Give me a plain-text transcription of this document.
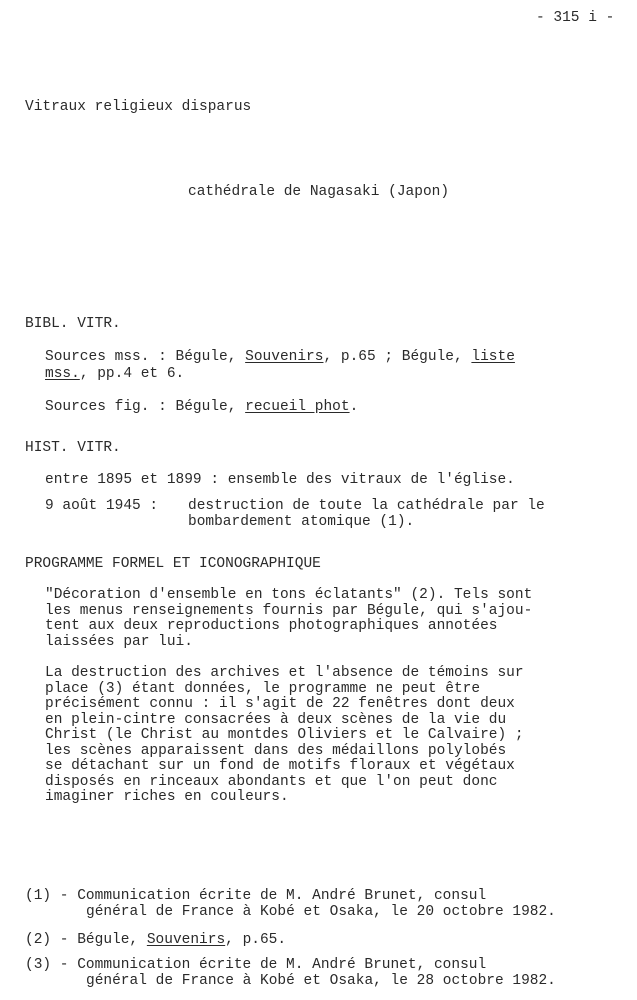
- 315 i -
Vitraux religieux disparus
cathédrale de Nagasaki (Japon)
BIBL. VITR.
Sources mss. : Bégule, Souvenirs, p.65 ; Bégule, liste
mss., pp.4 et 6.
Sources fig. : Bégule, recueil phot.
HIST. VITR.
entre 1895 et 1899 : ensemble des vitraux de l'église.
9 août 1945 : destruction de toute la cathédrale par le
bombardement atomique (1).
PROGRAMME FORMEL ET ICONOGRAPHIQUE
"Décoration d'ensemble en tons éclatants" (2). Tels sont
les menus renseignements fournis par Bégule, qui s'ajou-
tent aux deux reproductions photographiques annotées
laissées par lui.
La destruction des archives et l'absence de témoins sur
place (3) étant données, le programme ne peut être
précisément connu : il s'agit de 22 fenêtres dont deux
en plein-cintre consacrées à deux scènes de la vie du
Christ (le Christ au montdes Oliviers et le Calvaire) ;
les scènes apparaissent dans des médaillons polylobés
se détachant sur un fond de motifs floraux et végétaux
disposés en rinceaux abondants et que l'on peut donc
imaginer riches en couleurs.
(1) - Communication écrite de M. André Brunet, consul
général de France à Kobé et Osaka, le 20 octobre 1982.
(2) - Bégule, Souvenirs, p.65.
(3) - Communication écrite de M. André Brunet, consul
général de France à Kobé et Osaka, le 28 octobre 1982.
